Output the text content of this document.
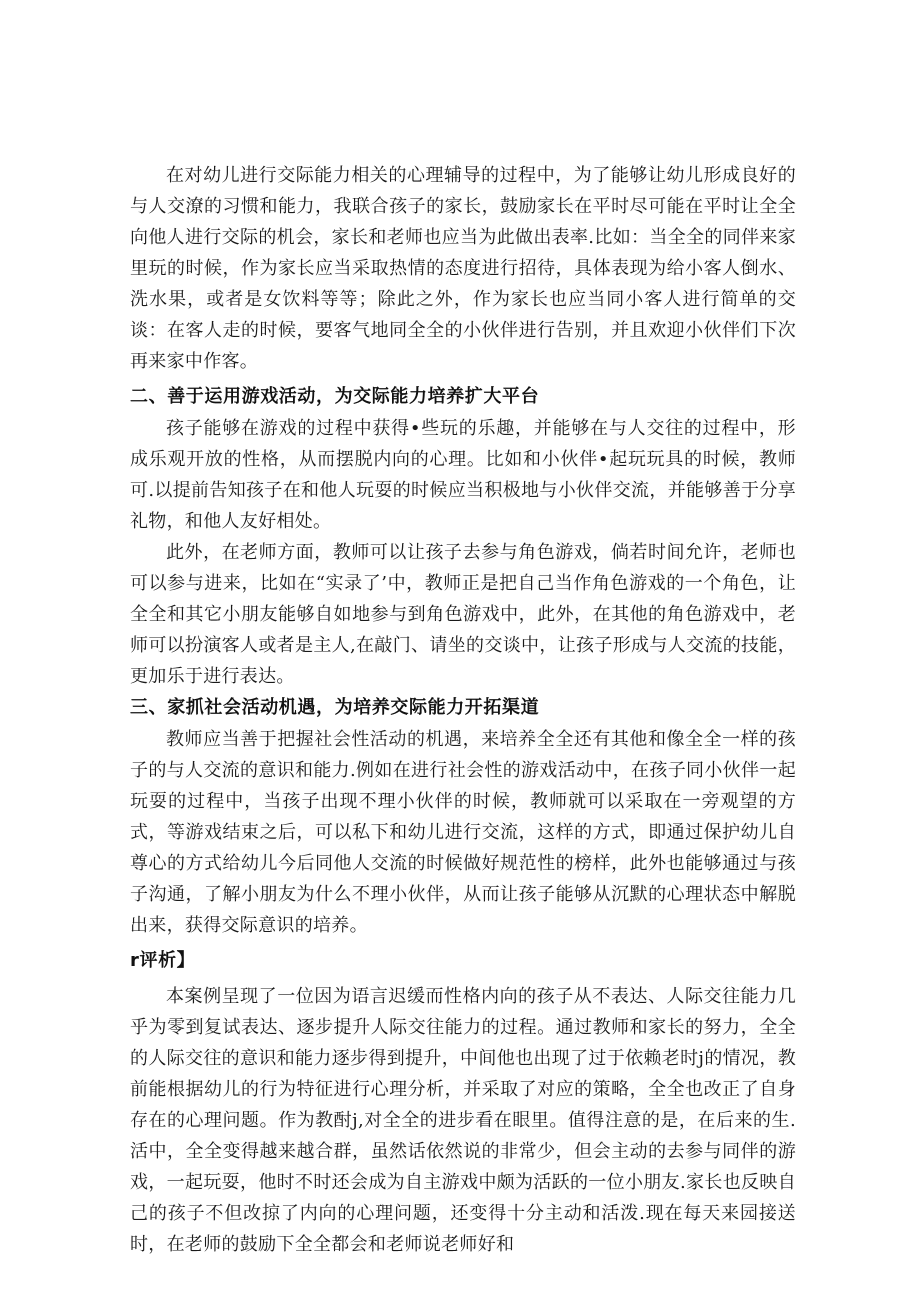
在对幼儿进行交际能力相关的心理辅导的过程中，为了能够让幼儿形成良好的与人交潦的习惯和能力，我联合孩子的家长，鼓励家长在平时尽可能在平时让全全向他人进行交际的机会，家长和老师也应当为此做出表率.比如：当全全的同伴来家里玩的时候，作为家长应当采取热情的态度进行招待，具体表现为给小客人倒水、洗水果，或者是女饮料等等；除此之外，作为家长也应当同小客人进行简单的交谈：在客人走的时候，要客气地同全全的小伙伴进行告别，并且欢迎小伙伴们下次再来家中作客。

二、善于运用游戏活动，为交际能力培养扩大平台

孩子能够在游戏的过程中获得•些玩的乐趣，并能够在与人交往的过程中，形成乐观开放的性格，从而摆脱内向的心理。比如和小伙伴•起玩玩具的时候，教师可.以提前告知孩子在和他人玩耍的时候应当积极地与小伙伴交流，并能够善于分享礼物，和他人友好相处。

此外，在老师方面，教师可以让孩子去参与角色游戏，倘若时间允许，老师也可以参与进来，比如在“实录了’中，教师正是把自己当作角色游戏的一个角色，让全全和其它小朋友能够自如地参与到角色游戏中，此外，在其他的角色游戏中，老师可以扮演客人或者是主人,在敲门、请坐的交谈中，让孩子形成与人交流的技能，更加乐于进行表达。

三、家抓社会活动机遇，为培养交际能力开拓渠道

教师应当善于把握社会性活动的机遇，来培养全全还有其他和像全全一样的孩子的与人交流的意识和能力.例如在进行社会性的游戏活动中，在孩子同小伙伴一起玩耍的过程中，当孩子出现不理小伙伴的时候，教师就可以采取在一旁观望的方式，等游戏结束之后，可以私下和幼儿进行交流，这样的方式，即通过保护幼儿自尊心的方式给幼儿今后同他人交流的时候做好规范性的榜样，此外也能够通过与孩子沟通，了解小朋友为什么不理小伙伴，从而让孩子能够从沉默的心理状态中解脱出来，获得交际意识的培养。

r评析】

本案例呈现了一位因为语言迟缓而性格内向的孩子从不表达、人际交往能力几乎为零到复试表达、逐步提升人际交往能力的过程。通过教师和家长的努力，全全的人际交往的意识和能力逐步得到提升，中间他也出现了过于依赖老时j的情况，教前能根据幼儿的行为特征进行心理分析，并采取了对应的策略，全全也改正了自身存在的心理问题。作为教酎j,对全全的进步看在眼里。值得注意的是，在后来的生.活中，全全变得越来越合群，虽然话依然说的非常少，但会主动的去参与同伴的游戏，一起玩耍，他时不时还会成为自主游戏中颇为活跃的一位小朋友.家长也反映自己的孩子不但改掠了内向的心理问题，还变得十分主动和活泼.现在每天来园接送时，在老师的鼓励下全全都会和老师说老师好和
